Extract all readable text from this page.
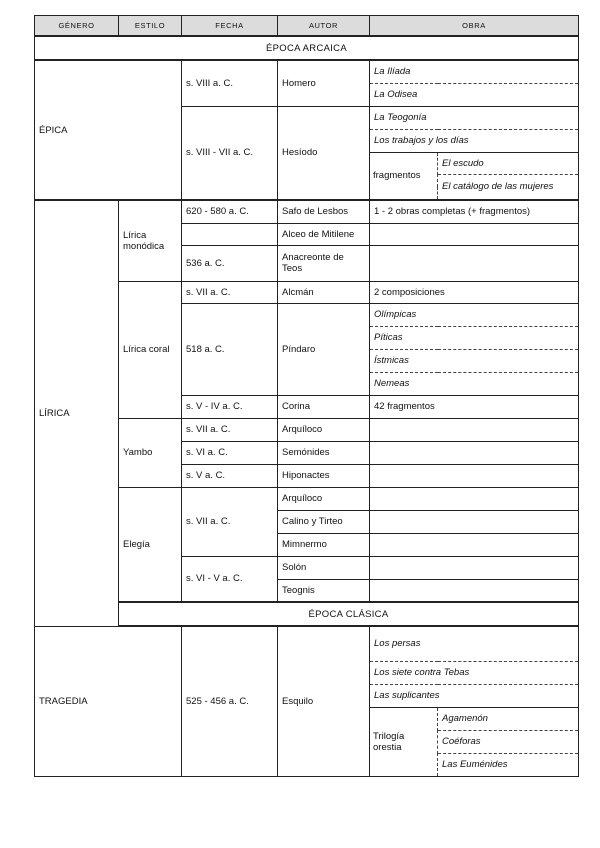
GÉNERO	ESTILO	FECHA	AUTOR	OBRA	
ÉPOCA ARCAICA					
ÉPICA		s. VIII a. C.	Homero	La Ilíada	
				La Odisea	
		s. VIII - VII a. C.	Hesíodo	La Teogonía	
				Los trabajos y los días	
				fragmentos	El escudo
					El catálogo de las mujeres

LÍRICA	Lírica monódica	620 - 580 a. C.	Safo de Lesbos	1 - 2 obras completas (+ fragmentos)	
			Alceo de Mitilene		
		536 a. C.	Anacreonte de Teos		
	Lírica coral	s. VII a. C.	Alcmán	2 composiciones	
		518 a. C.	Píndaro	Olímpicas	
				Píticas	
				Ístmicas	
				Nemeas	
		s. V - IV a. C.	Corina	42 fragmentos	
	Yambo	s. VII a. C.	Arquíloco		
		s. VI a. C.	Semónides		
		s. V a. C.	Hiponactes		
	Elegía	s. VII a. C.	Arquíloco		
			Calino y Tirteo		
			Mimnermo		
		s. VI - V a. C.	Solón		
			Teognis		
	ÉPOCA CLÁSICA				
TRAGEDIA		525 - 456 a. C.	Esquilo	Los persas	
				Los siete contra Tebas	
				Las suplicantes	
				Trilogía orestia	Agamenón
					Coéforas
					Las Euménides
